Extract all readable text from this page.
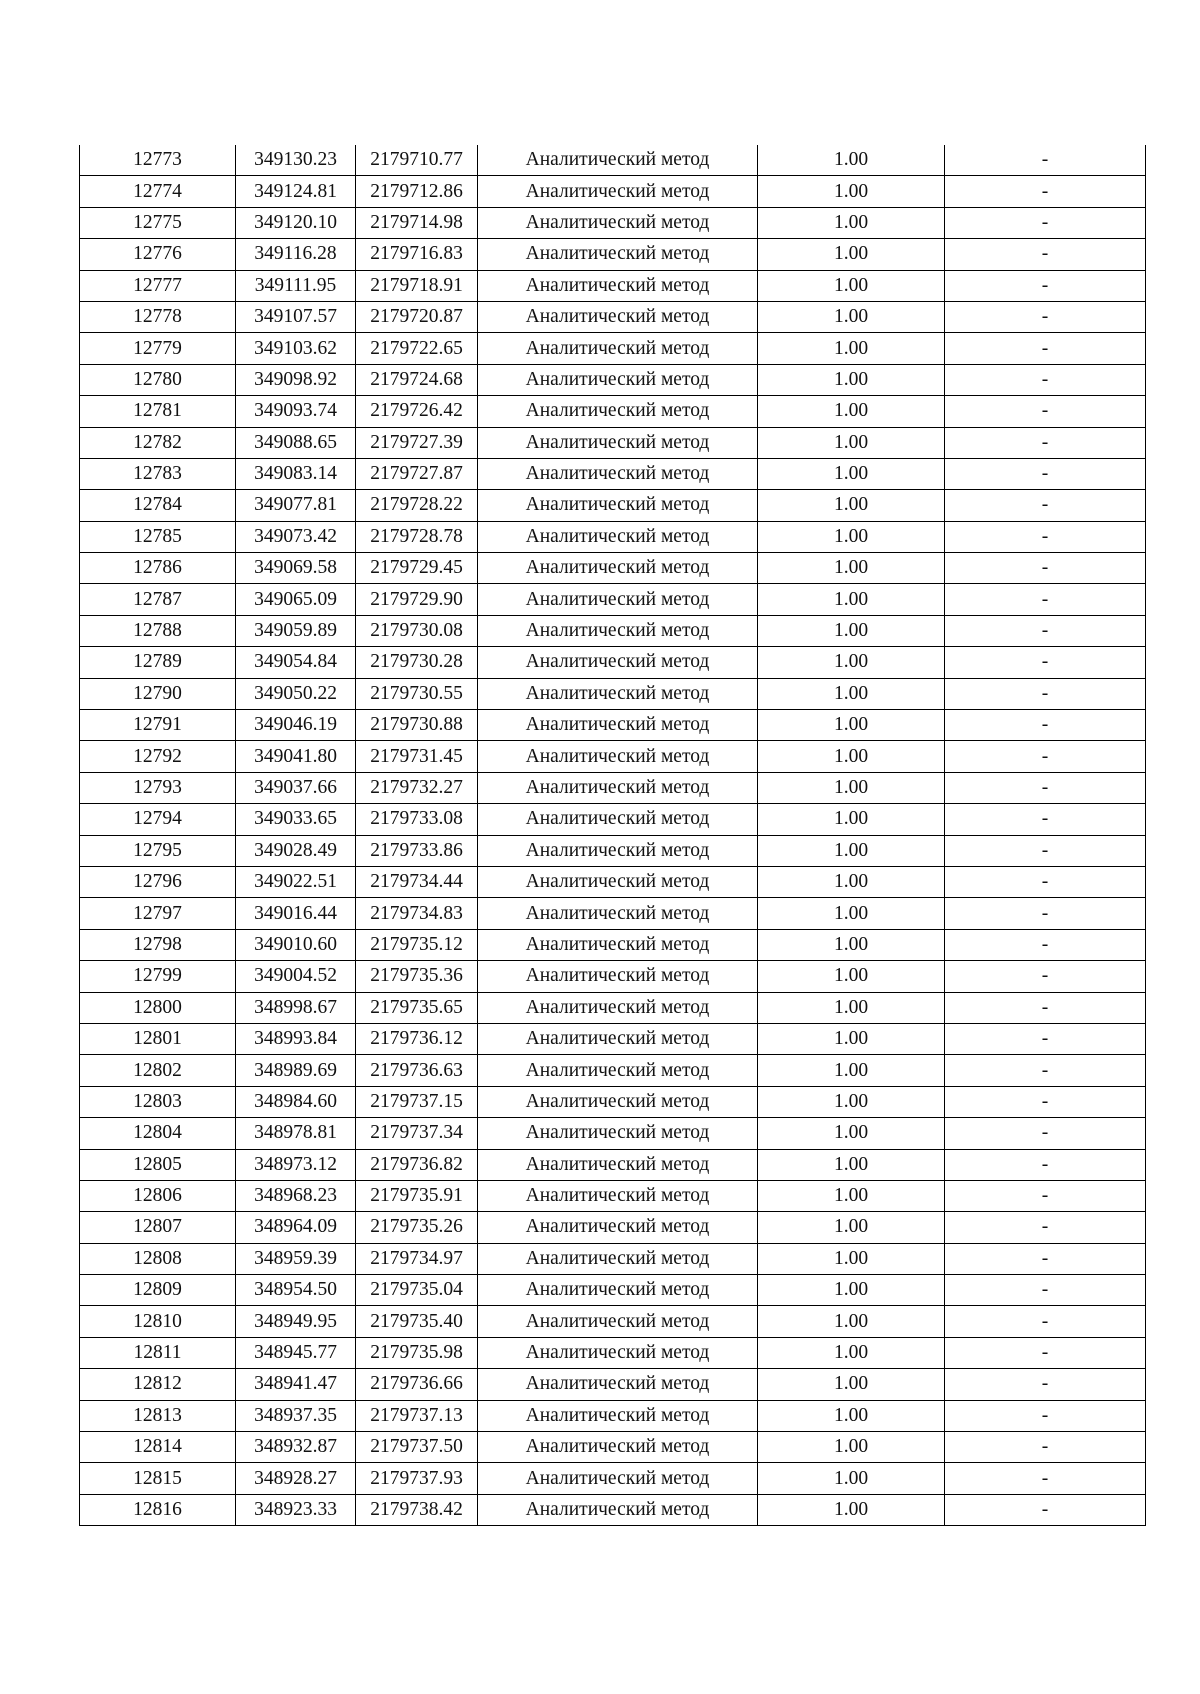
12773	349130.23	2179710.77	Аналитический метод	1.00	-
12774	349124.81	2179712.86	Аналитический метод	1.00	-
12775	349120.10	2179714.98	Аналитический метод	1.00	-
12776	349116.28	2179716.83	Аналитический метод	1.00	-
12777	349111.95	2179718.91	Аналитический метод	1.00	-
12778	349107.57	2179720.87	Аналитический метод	1.00	-
12779	349103.62	2179722.65	Аналитический метод	1.00	-
12780	349098.92	2179724.68	Аналитический метод	1.00	-
12781	349093.74	2179726.42	Аналитический метод	1.00	-
12782	349088.65	2179727.39	Аналитический метод	1.00	-
12783	349083.14	2179727.87	Аналитический метод	1.00	-
12784	349077.81	2179728.22	Аналитический метод	1.00	-
12785	349073.42	2179728.78	Аналитический метод	1.00	-
12786	349069.58	2179729.45	Аналитический метод	1.00	-
12787	349065.09	2179729.90	Аналитический метод	1.00	-
12788	349059.89	2179730.08	Аналитический метод	1.00	-
12789	349054.84	2179730.28	Аналитический метод	1.00	-
12790	349050.22	2179730.55	Аналитический метод	1.00	-
12791	349046.19	2179730.88	Аналитический метод	1.00	-
12792	349041.80	2179731.45	Аналитический метод	1.00	-
12793	349037.66	2179732.27	Аналитический метод	1.00	-
12794	349033.65	2179733.08	Аналитический метод	1.00	-
12795	349028.49	2179733.86	Аналитический метод	1.00	-
12796	349022.51	2179734.44	Аналитический метод	1.00	-
12797	349016.44	2179734.83	Аналитический метод	1.00	-
12798	349010.60	2179735.12	Аналитический метод	1.00	-
12799	349004.52	2179735.36	Аналитический метод	1.00	-
12800	348998.67	2179735.65	Аналитический метод	1.00	-
12801	348993.84	2179736.12	Аналитический метод	1.00	-
12802	348989.69	2179736.63	Аналитический метод	1.00	-
12803	348984.60	2179737.15	Аналитический метод	1.00	-
12804	348978.81	2179737.34	Аналитический метод	1.00	-
12805	348973.12	2179736.82	Аналитический метод	1.00	-
12806	348968.23	2179735.91	Аналитический метод	1.00	-
12807	348964.09	2179735.26	Аналитический метод	1.00	-
12808	348959.39	2179734.97	Аналитический метод	1.00	-
12809	348954.50	2179735.04	Аналитический метод	1.00	-
12810	348949.95	2179735.40	Аналитический метод	1.00	-
12811	348945.77	2179735.98	Аналитический метод	1.00	-
12812	348941.47	2179736.66	Аналитический метод	1.00	-
12813	348937.35	2179737.13	Аналитический метод	1.00	-
12814	348932.87	2179737.50	Аналитический метод	1.00	-
12815	348928.27	2179737.93	Аналитический метод	1.00	-
12816	348923.33	2179738.42	Аналитический метод	1.00	-
